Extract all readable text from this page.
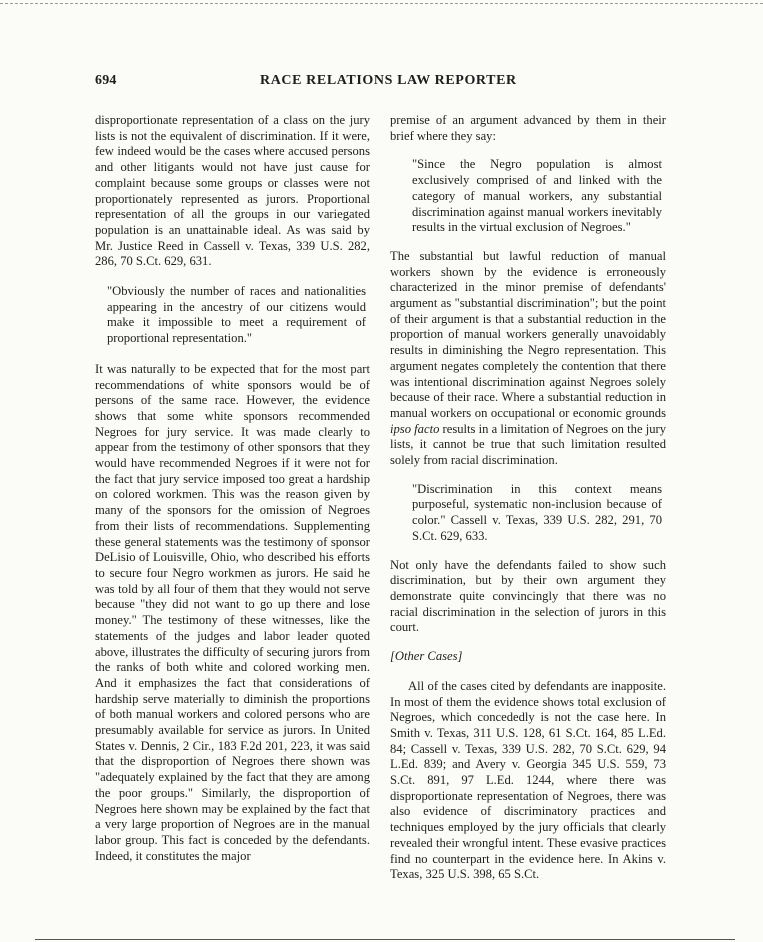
694	RACE RELATIONS LAW REPORTER

disproportionate representation of a class on the jury lists is not the equivalent of discrimination. If it were, few indeed would be the cases where accused persons and other litigants would not have just cause for complaint because some groups or classes were not proportionately represented as jurors. Proportional representation of all the groups in our variegated population is an unattainable ideal. As was said by Mr. Justice Reed in Cassell v. Texas, 339 U.S. 282, 286, 70 S.Ct. 629, 631.

"Obviously the number of races and nationalities appearing in the ancestry of our citizens would make it impossible to meet a requirement of proportional representation."

It was naturally to be expected that for the most part recommendations of white sponsors would be of persons of the same race. However, the evidence shows that some white sponsors recommended Negroes for jury service. It was made clearly to appear from the testimony of other sponsors that they would have recommended Negroes if it were not for the fact that jury service imposed too great a hardship on colored workmen. This was the reason given by many of the sponsors for the omission of Negroes from their lists of recommendations. Supplementing these general statements was the testimony of sponsor DeLisio of Louisville, Ohio, who described his efforts to secure four Negro workmen as jurors. He said he was told by all four of them that they would not serve because "they did not want to go up there and lose money." The testimony of these witnesses, like the statements of the judges and labor leader quoted above, illustrates the difficulty of securing jurors from the ranks of both white and colored working men. And it emphasizes the fact that considerations of hardship serve materially to diminish the proportions of both manual workers and colored persons who are presumably available for service as jurors. In United States v. Dennis, 2 Cir., 183 F.2d 201, 223, it was said that the disproportion of Negroes there shown was "adequately explained by the fact that they are among the poor groups." Similarly, the disproportion of Negroes here shown may be explained by the fact that a very large proportion of Negroes are in the manual labor group. This fact is conceded by the defendants. Indeed, it constitutes the major

premise of an argument advanced by them in their brief where they say:

"Since the Negro population is almost exclusively comprised of and linked with the category of manual workers, any substantial discrimination against manual workers inevitably results in the virtual exclusion of Negroes."

The substantial but lawful reduction of manual workers shown by the evidence is erroneously characterized in the minor premise of defendants' argument as "substantial discrimination"; but the point of their argument is that a substantial reduction in the proportion of manual workers generally unavoidably results in diminishing the Negro representation. This argument negates completely the contention that there was intentional discrimination against Negroes solely because of their race. Where a substantial reduction in manual workers on occupational or economic grounds ipso facto results in a limitation of Negroes on the jury lists, it cannot be true that such limitation resulted solely from racial discrimination.

"Discrimination in this context means purposeful, systematic non-inclusion because of color." Cassell v. Texas, 339 U.S. 282, 291, 70 S.Ct. 629, 633.

Not only have the defendants failed to show such discrimination, but by their own argument they demonstrate quite convincingly that there was no racial discrimination in the selection of jurors in this court.

[Other Cases]

All of the cases cited by defendants are inapposite. In most of them the evidence shows total exclusion of Negroes, which concededly is not the case here. In Smith v. Texas, 311 U.S. 128, 61 S.Ct. 164, 85 L.Ed. 84; Cassell v. Texas, 339 U.S. 282, 70 S.Ct. 629, 94 L.Ed. 839; and Avery v. Georgia 345 U.S. 559, 73 S.Ct. 891, 97 L.Ed. 1244, where there was disproportionate representation of Negroes, there was also evidence of discriminatory practices and techniques employed by the jury officials that clearly revealed their wrongful intent. These evasive practices find no counterpart in the evidence here. In Akins v. Texas, 325 U.S. 398, 65 S.Ct.
